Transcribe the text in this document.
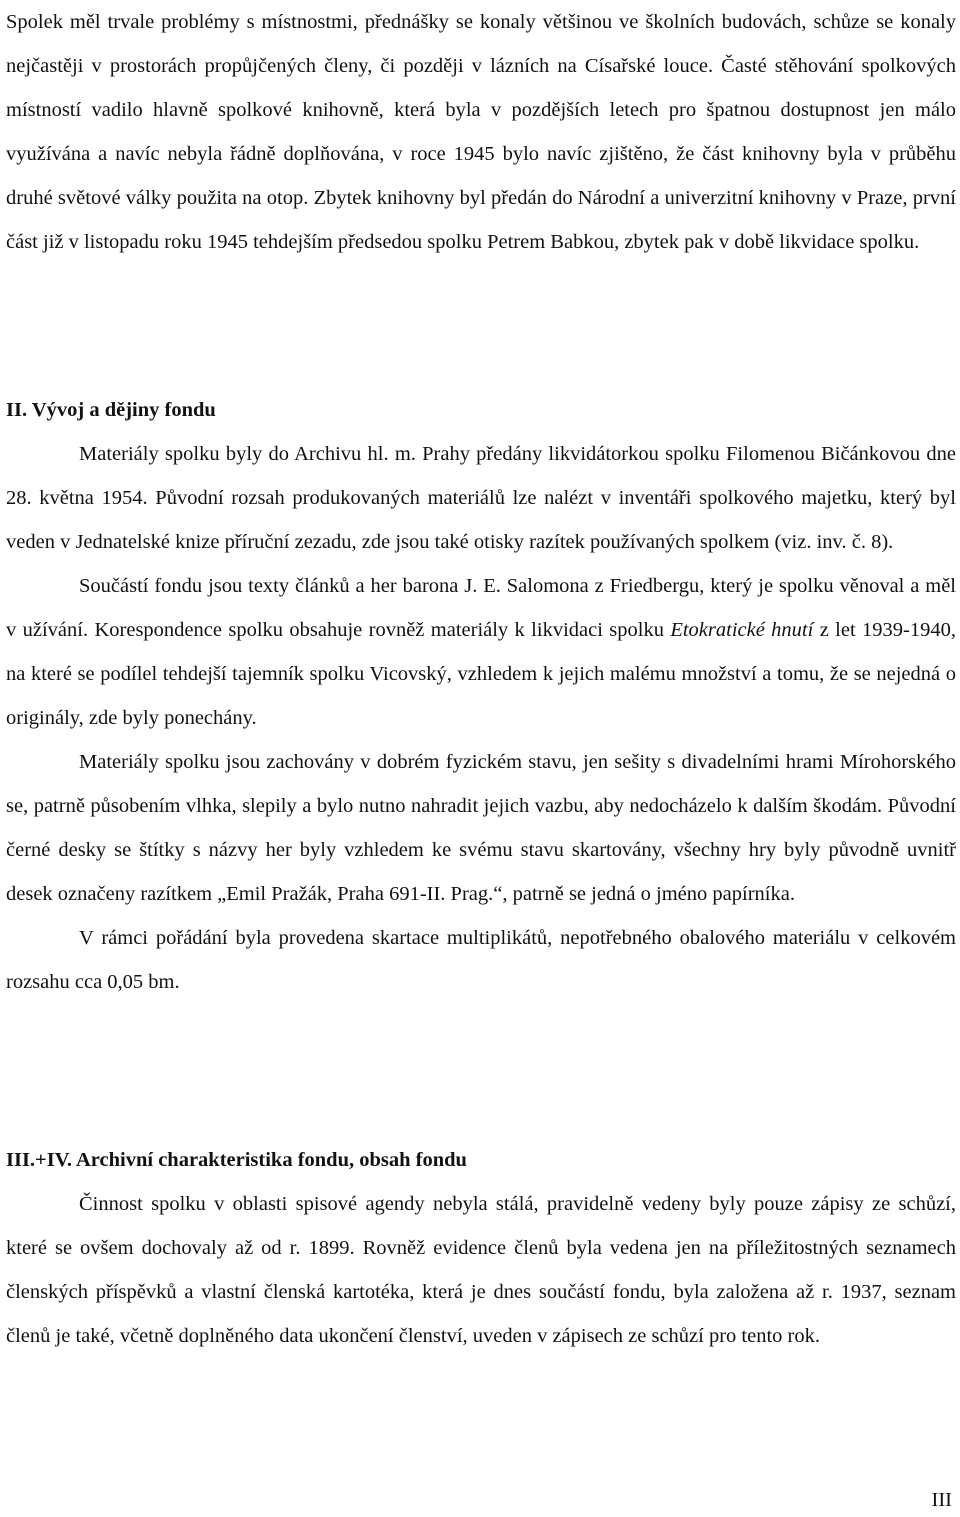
Spolek měl trvale problémy s místnostmi, přednášky se konaly většinou ve školních budovách, schůze se konaly nejčastěji v prostorách propůjčených členy, či později v lázních na Císařské louce. Časté stěhování spolkových místností vadilo hlavně spolkové knihovně, která byla v pozdějších letech pro špatnou dostupnost jen málo využívána a navíc nebyla řádně doplňována, v roce 1945 bylo navíc zjištěno, že část knihovny byla v průběhu druhé světové války použita na otop. Zbytek knihovny byl předán do Národní a univerzitní knihovny v Praze, první část již v listopadu roku 1945 tehdejším předsedou spolku Petrem Babkou, zbytek pak v době likvidace spolku.

II. Vývoj a dějiny fondu

Materiály spolku byly do Archivu hl. m. Prahy předány likvidátorkou spolku Filomenou Bičánkovou dne 28. května 1954. Původní rozsah produkovaných materiálů lze nalézt v inventáři spolkového majetku, který byl veden v Jednatelské knize příruční zezadu, zde jsou také otisky razítek používaných spolkem (viz. inv. č. 8).

Součástí fondu jsou texty článků a her barona J. E. Salomona z Friedbergu, který je spolku věnoval a měl v užívání. Korespondence spolku obsahuje rovněž materiály k likvidaci spolku Etokratické hnutí z let 1939-1940, na které se podílel tehdejší tajemník spolku Vicovský, vzhledem k jejich malému množství a tomu, že se nejedná o originály, zde byly ponechány.

Materiály spolku jsou zachovány v dobrém fyzickém stavu, jen sešity s divadelními hrami Mírohorského se, patrně působením vlhka, slepily a bylo nutno nahradit jejich vazbu, aby nedocházelo k dalším škodám. Původní černé desky se štítky s názvy her byly vzhledem ke svému stavu skartovány, všechny hry byly původně uvnitř desek označeny razítkem „Emil Pražák, Praha 691-II. Prag.“, patrně se jedná o jméno papírníka.

V rámci pořádání byla provedena skartace multiplikátů, nepotřebného obalového materiálu v celkovém rozsahu cca 0,05 bm.

III.+IV. Archivní charakteristika fondu, obsah fondu

Činnost spolku v oblasti spisové agendy nebyla stálá, pravidelně vedeny byly pouze zápisy ze schůzí, které se ovšem dochovaly až od r. 1899. Rovněž evidence členů byla vedena jen na příležitostných seznamech členských příspěvků a vlastní členská kartotéka, která je dnes součástí fondu, byla založena až r. 1937, seznam členů je také, včetně doplněného data ukončení členství, uveden v zápisech ze schůzí pro tento rok.

III
